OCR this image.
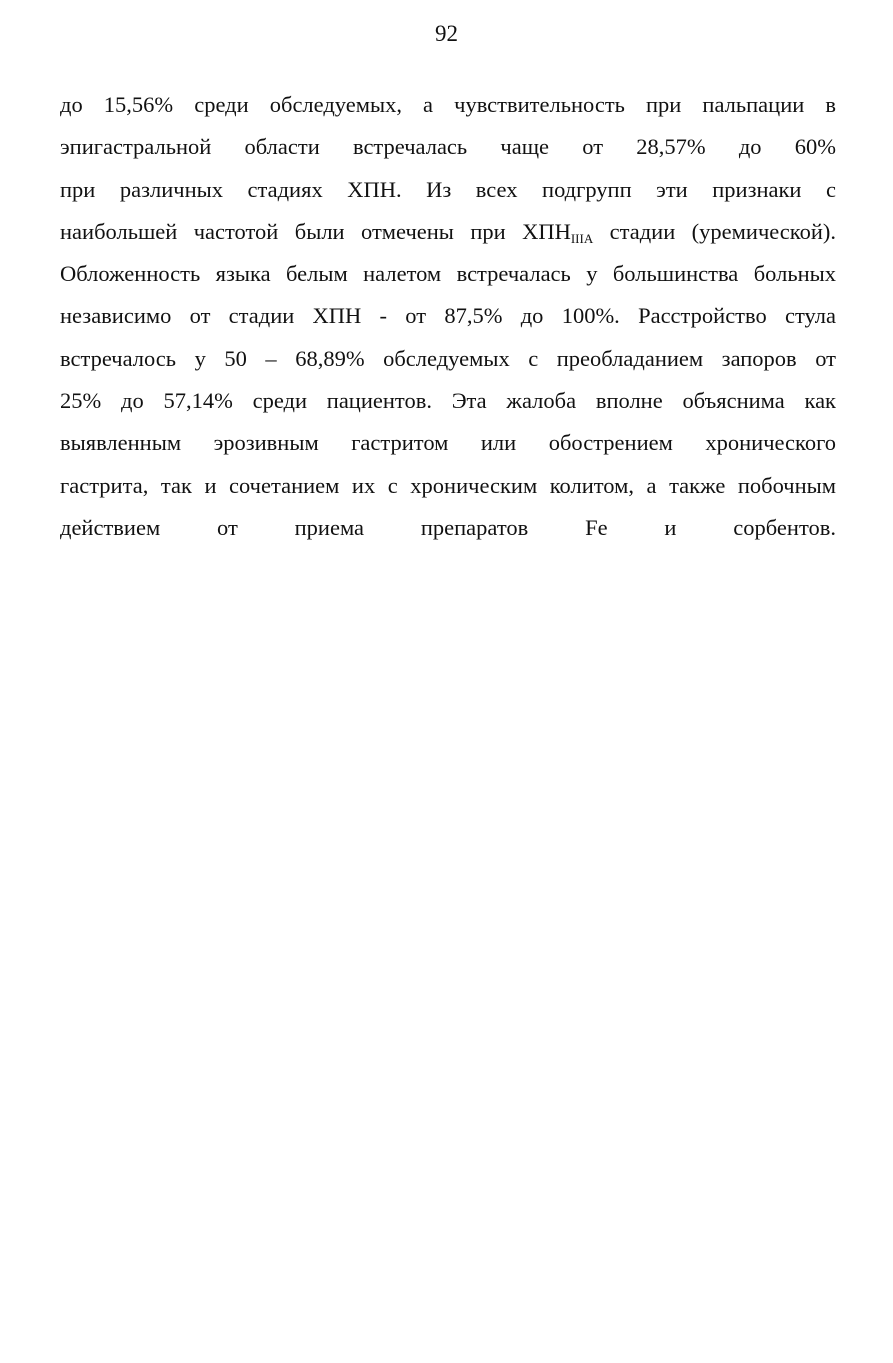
92
до 15,56% среди обследуемых, а чувствительность при пальпации в
эпигастральной области встречалась чаще от 28,57% до 60%
при различных стадиях ХПН. Из всех подгрупп эти признаки с
наибольшей частотой были отмечены при $ХПН_{IIIA}$ стадии (уремической).
Обложенность языка белым налетом встречалась у большинства больных
независимо от стадии ХПН - от 87,5% до 100%. Расстройство стула
встречалось у 50 – 68,89% обследуемых с преобладанием запоров от
25% до 57,14% среди пациентов. Эта жалоба вполне объяснима как
выявленным эрозивным гастритом или обострением хронического
гастрита, так и сочетанием их с хроническим колитом, а также побочным
действием от приема препаратов Fe и сорбентов.
